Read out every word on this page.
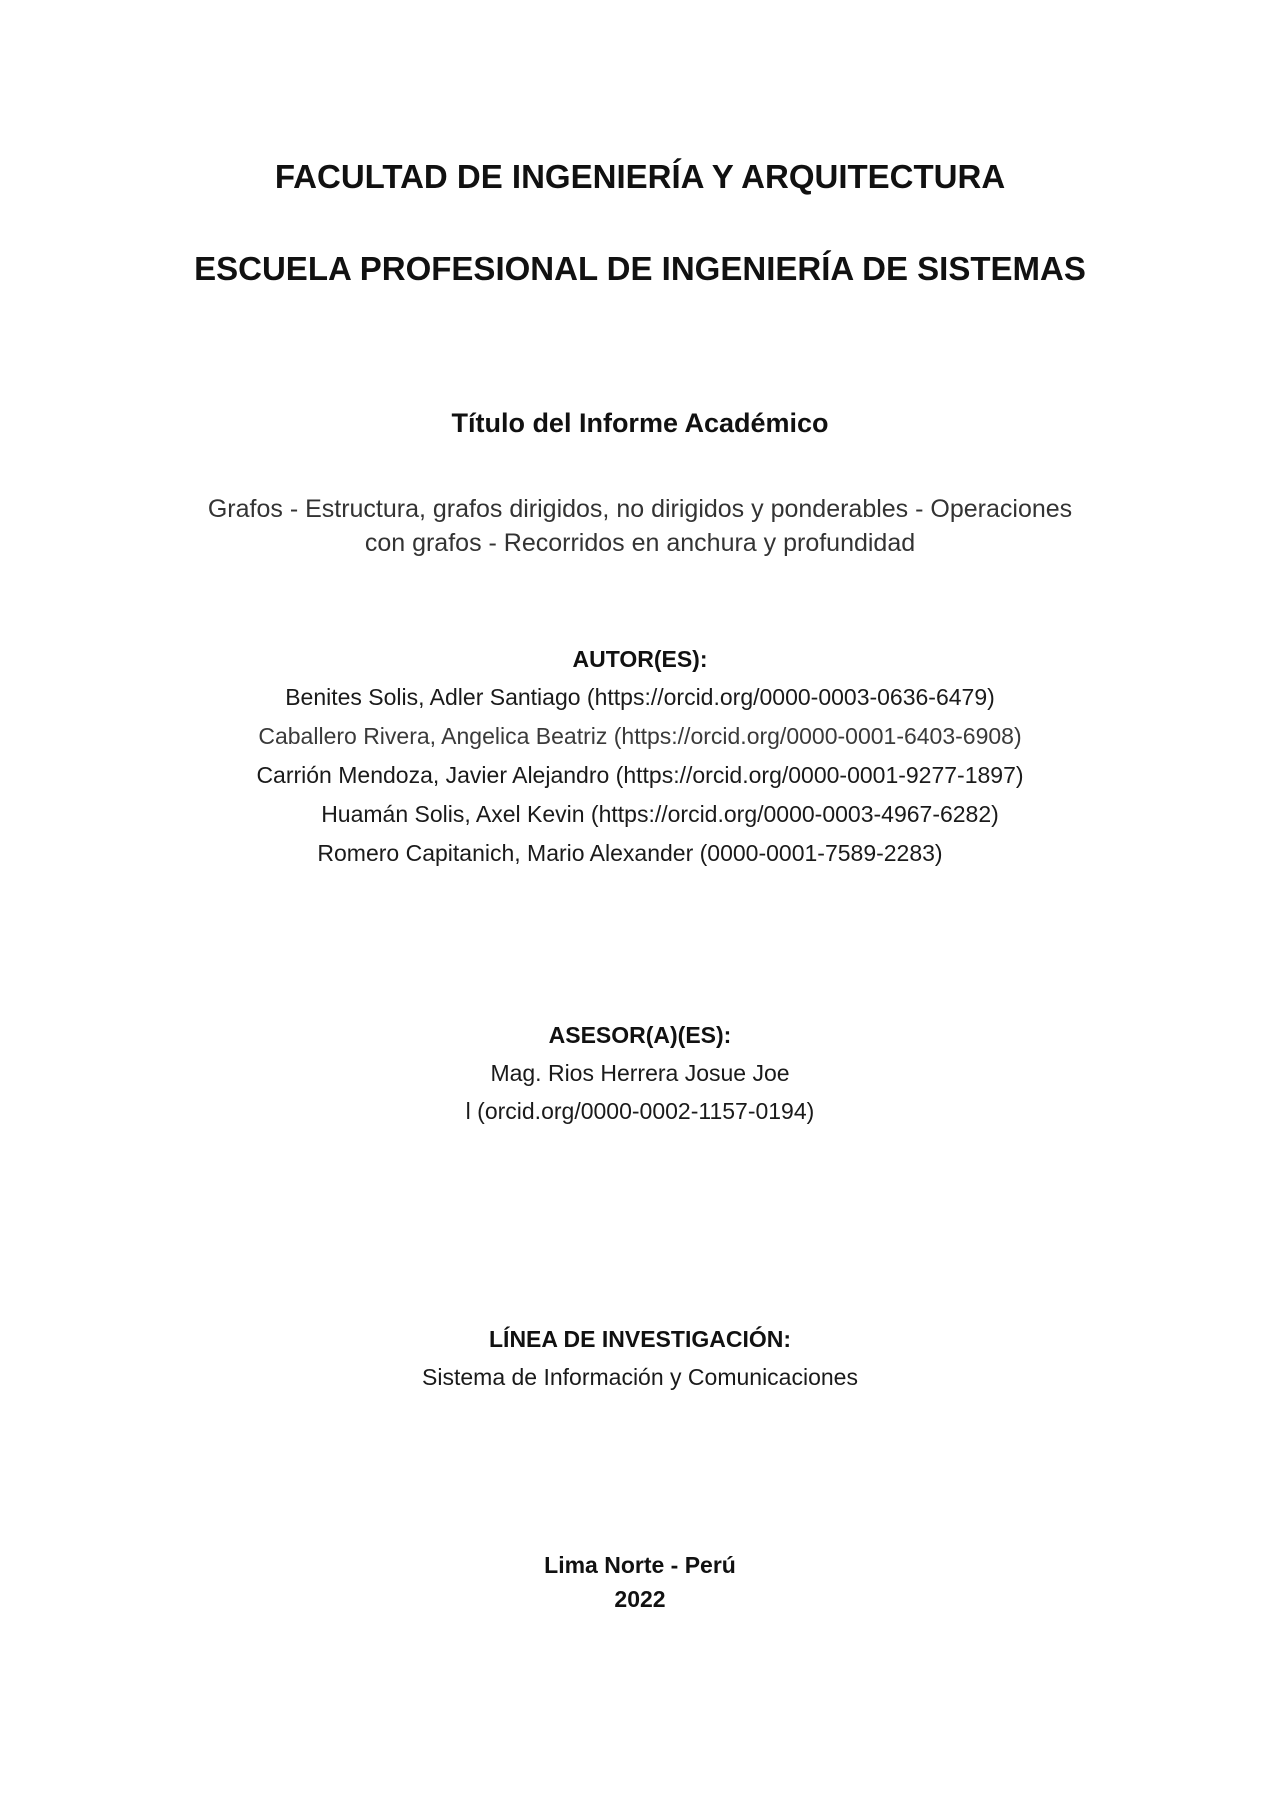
FACULTAD DE INGENIERÍA Y ARQUITECTURA
ESCUELA PROFESIONAL DE INGENIERÍA DE SISTEMAS
Título del Informe Académico
Grafos - Estructura, grafos dirigidos, no dirigidos y ponderables - Operaciones
con grafos - Recorridos en anchura y profundidad
AUTOR(ES):
Benites Solis, Adler Santiago (https://orcid.org/0000-0003-0636-6479)
Caballero Rivera, Angelica Beatriz (https://orcid.org/0000-0001-6403-6908)
Carrión Mendoza, Javier Alejandro (https://orcid.org/0000-0001-9277-1897)
Huamán Solis, Axel Kevin (https://orcid.org/0000-0003-4967-6282)
Romero Capitanich, Mario Alexander (0000-0001-7589-2283)
ASESOR(A)(ES):
Mag. Rios Herrera Josue Joe
l (orcid.org/0000-0002-1157-0194)
LÍNEA DE INVESTIGACIÓN:
Sistema de Información y Comunicaciones
Lima Norte - Perú
2022
